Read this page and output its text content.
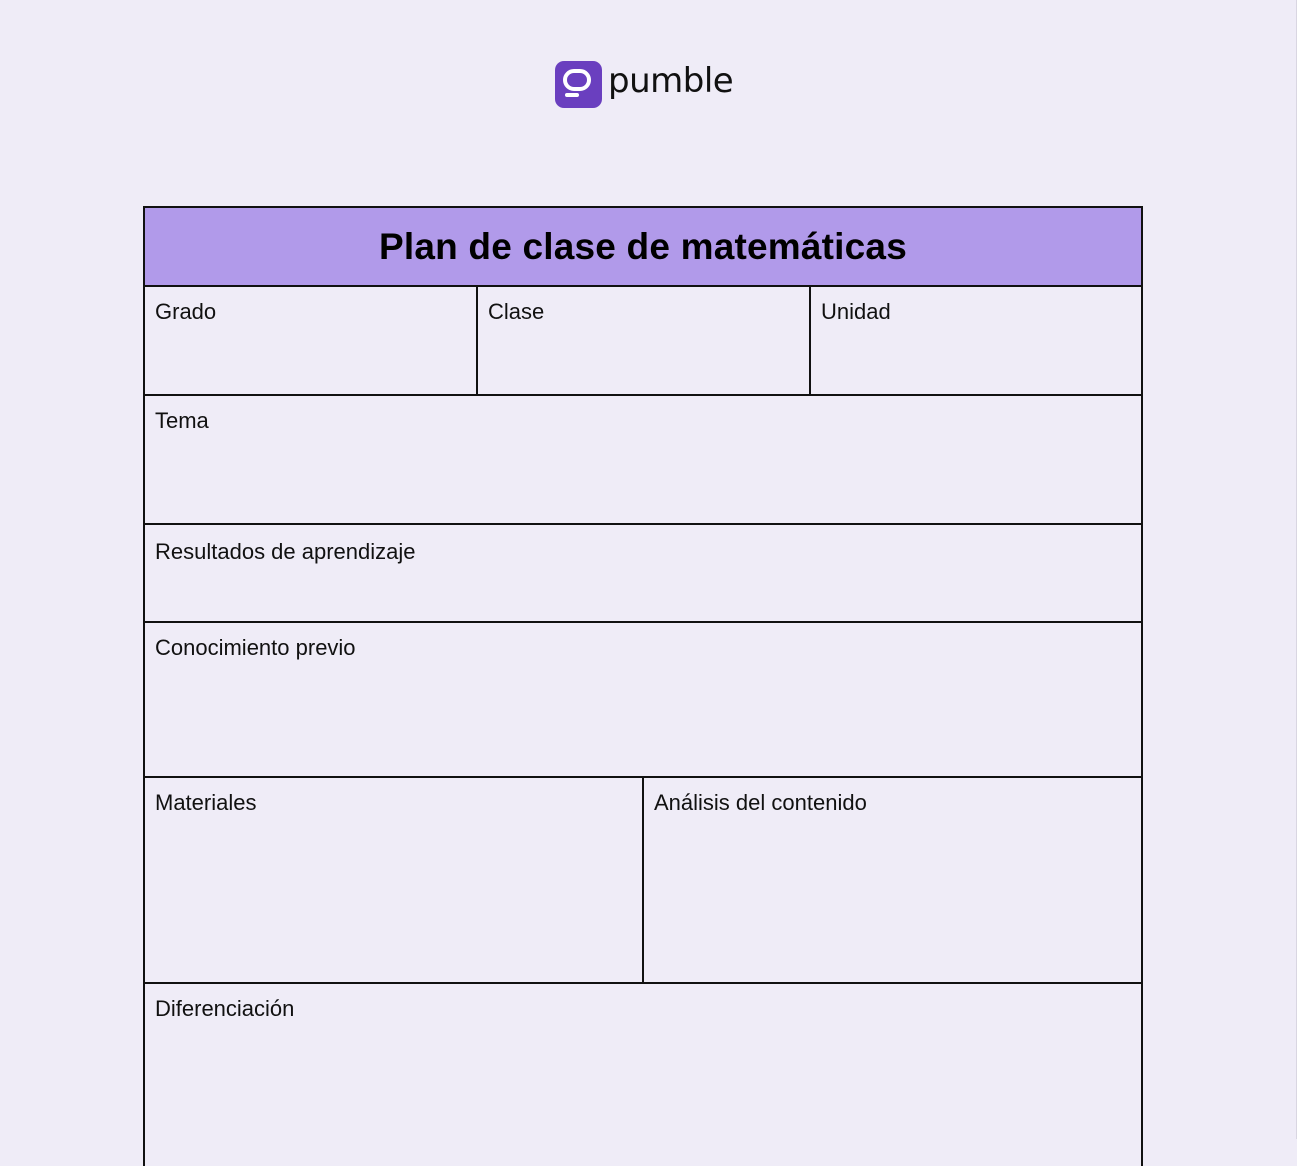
pumble
Plan de clase de matemáticas
Grado	Clase	Unidad
Tema
Resultados de aprendizaje
Conocimiento previo
Materiales	Análisis del contenido
Diferenciación
